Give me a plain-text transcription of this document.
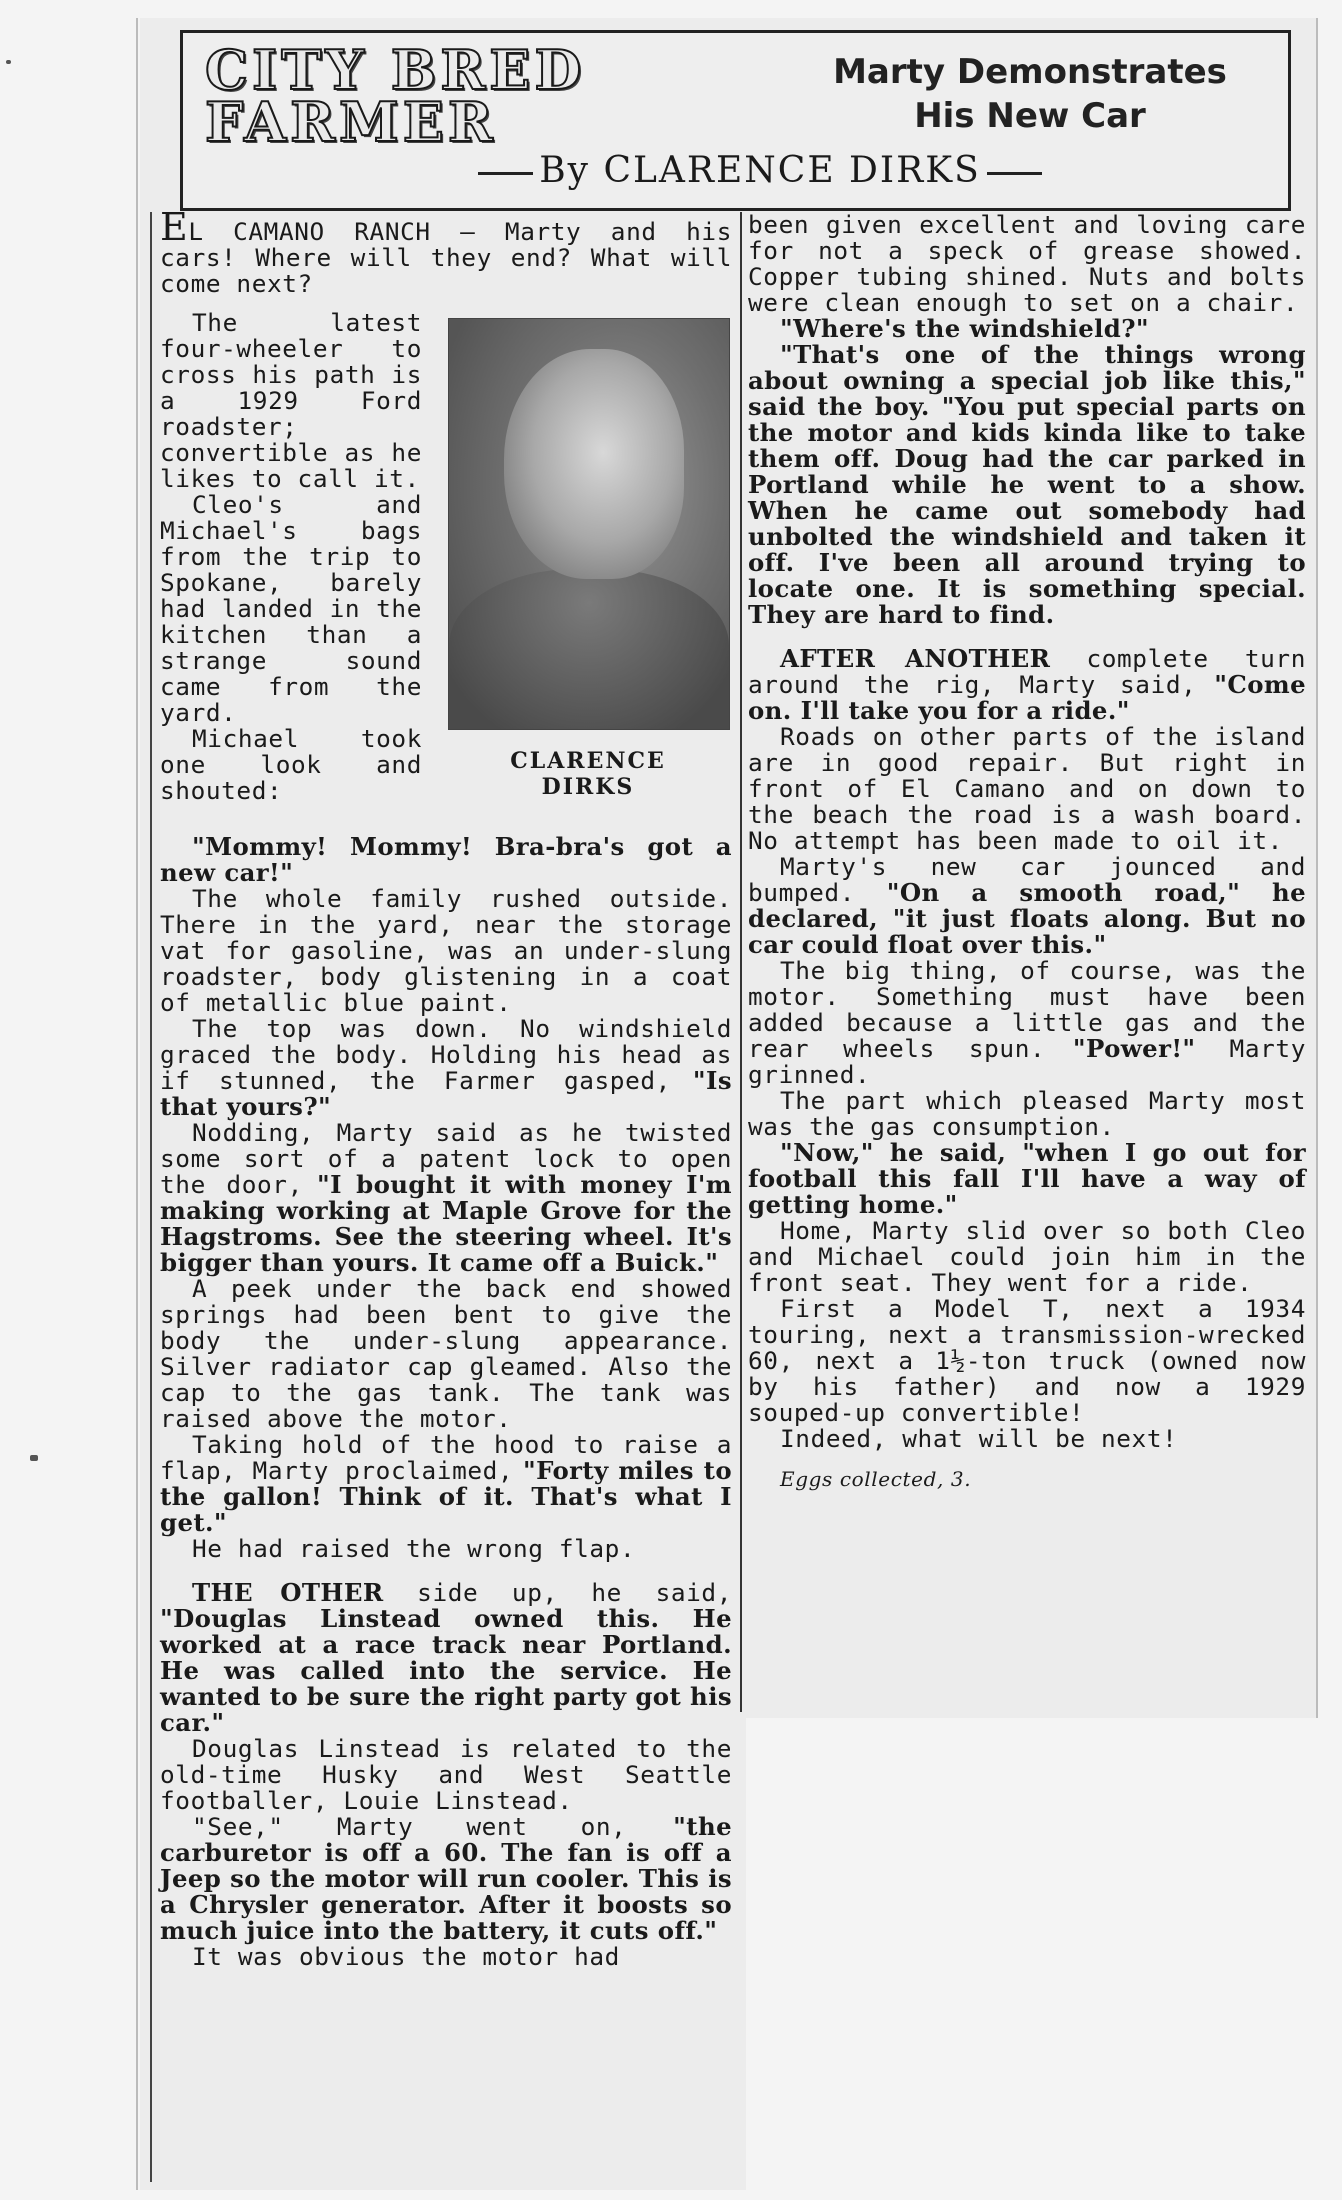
CITY BRED
FARMER
Marty Demonstrates
His New Car
By CLARENCE DIRKS

EL CAMANO RANCH — Marty and his cars! Where will they end? What will come next?

The latest four-wheeler to cross his path is a 1929 Ford roadster; convertible as he likes to call it.

Cleo's and Michael's bags from the trip to Spokane, barely had landed in the kitchen than a strange sound came from the yard.

Michael took one look and shouted:

CLARENCE
DIRKS

"Mommy! Mommy! Bra-bra's got a new car!"

The whole family rushed outside. There in the yard, near the storage vat for gasoline, was an under-slung roadster, body glistening in a coat of metallic blue paint.

The top was down. No windshield graced the body. Holding his head as if stunned, the Farmer gasped, "Is that yours?"

Nodding, Marty said as he twisted some sort of a patent lock to open the door, "I bought it with money I'm making working at Maple Grove for the Hagstroms. See the steering wheel. It's bigger than yours. It came off a Buick."

A peek under the back end showed springs had been bent to give the body the under-slung appearance. Silver radiator cap gleamed. Also the cap to the gas tank. The tank was raised above the motor.

Taking hold of the hood to raise a flap, Marty proclaimed, "Forty miles to the gallon! Think of it. That's what I get."

He had raised the wrong flap.

THE OTHER side up, he said, "Douglas Linstead owned this. He worked at a race track near Portland. He was called into the service. He wanted to be sure the right party got his car."

Douglas Linstead is related to the old-time Husky and West Seattle footballer, Louie Linstead.

"See," Marty went on, "the carburetor is off a 60. The fan is off a Jeep so the motor will run cooler. This is a Chrysler generator. After it boosts so much juice into the battery, it cuts off."

It was obvious the motor had

been given excellent and loving care for not a speck of grease showed. Copper tubing shined. Nuts and bolts were clean enough to set on a chair.

"Where's the windshield?"

"That's one of the things wrong about owning a special job like this," said the boy. "You put special parts on the motor and kids kinda like to take them off. Doug had the car parked in Portland while he went to a show. When he came out somebody had unbolted the windshield and taken it off. I've been all around trying to locate one. It is something special. They are hard to find.

AFTER ANOTHER complete turn around the rig, Marty said, "Come on. I'll take you for a ride."

Roads on other parts of the island are in good repair. But right in front of El Camano and on down to the beach the road is a wash board. No attempt has been made to oil it.

Marty's new car jounced and bumped. "On a smooth road," he declared, "it just floats along. But no car could float over this."

The big thing, of course, was the motor. Something must have been added because a little gas and the rear wheels spun. "Power!" Marty grinned.

The part which pleased Marty most was the gas consumption.

"Now," he said, "when I go out for football this fall I'll have a way of getting home."

Home, Marty slid over so both Cleo and Michael could join him in the front seat. They went for a ride.

First a Model T, next a 1934 touring, next a transmission-wrecked 60, next a 1½-ton truck (owned now by his father) and now a 1929 souped-up convertible!

Indeed, what will be next!

Eggs collected, 3.
